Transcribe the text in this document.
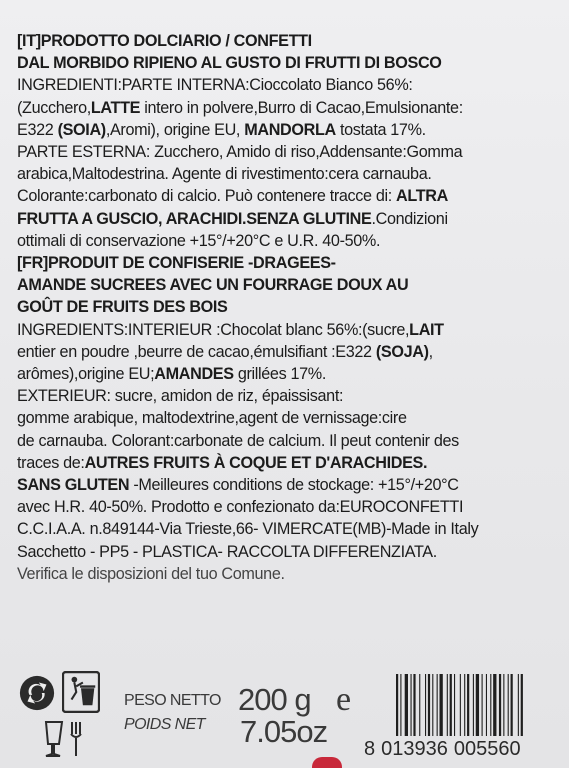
[IT]PRODOTTO DOLCIARIO / CONFETTI
DAL MORBIDO RIPIENO AL GUSTO DI FRUTTI DI BOSCO
INGREDIENTI:PARTE INTERNA:Cioccolato Bianco 56%:
(Zucchero,LATTE intero in polvere,Burro di Cacao,Emulsionante:
E322 (SOIA),Aromi), origine EU, MANDORLA tostata 17%.
PARTE ESTERNA: Zucchero, Amido di riso,Addensante:Gomma
arabica,Maltodestrina. Agente di rivestimento:cera carnauba.
Colorante:carbonato di calcio. Può contenere tracce di: ALTRA
FRUTTA A GUSCIO, ARACHIDI.SENZA GLUTINE.Condizioni
ottimali di conservazione +15°/+20°C e U.R. 40-50%.
[FR]PRODUIT DE CONFISERIE -DRAGEES-
AMANDE SUCREES AVEC UN FOURRAGE DOUX AU
GOÛT DE FRUITS DES BOIS
INGREDIENTS:INTERIEUR :Chocolat blanc 56%:(sucre,LAIT
entier en poudre ,beurre de cacao,émulsifiant :E322 (SOJA),
arômes),origine EU;AMANDES grillées 17%.
EXTERIEUR: sucre, amidon de riz, épaissisant:
gomme arabique, maltodextrine,agent de vernissage:cire
de carnauba. Colorant:carbonate de calcium. Il peut contenir des
traces de:AUTRES FRUITS À COQUE ET D'ARACHIDES.
SANS GLUTEN -Meilleures conditions de stockage: +15°/+20°C
avec H.R. 40-50%. Prodotto e confezionato da:EUROCONFETTI
C.C.I.A.A. n.849144-Via Trieste,66- VIMERCATE(MB)-Made in Italy
Sacchetto - PP5 - PLASTICA- RACCOLTA DIFFERENZIATA.
Verifica le disposizioni del tuo Comune.
PESO NETTO
POIDS NET
200 g
7.05oz
e
8 013936 005560
